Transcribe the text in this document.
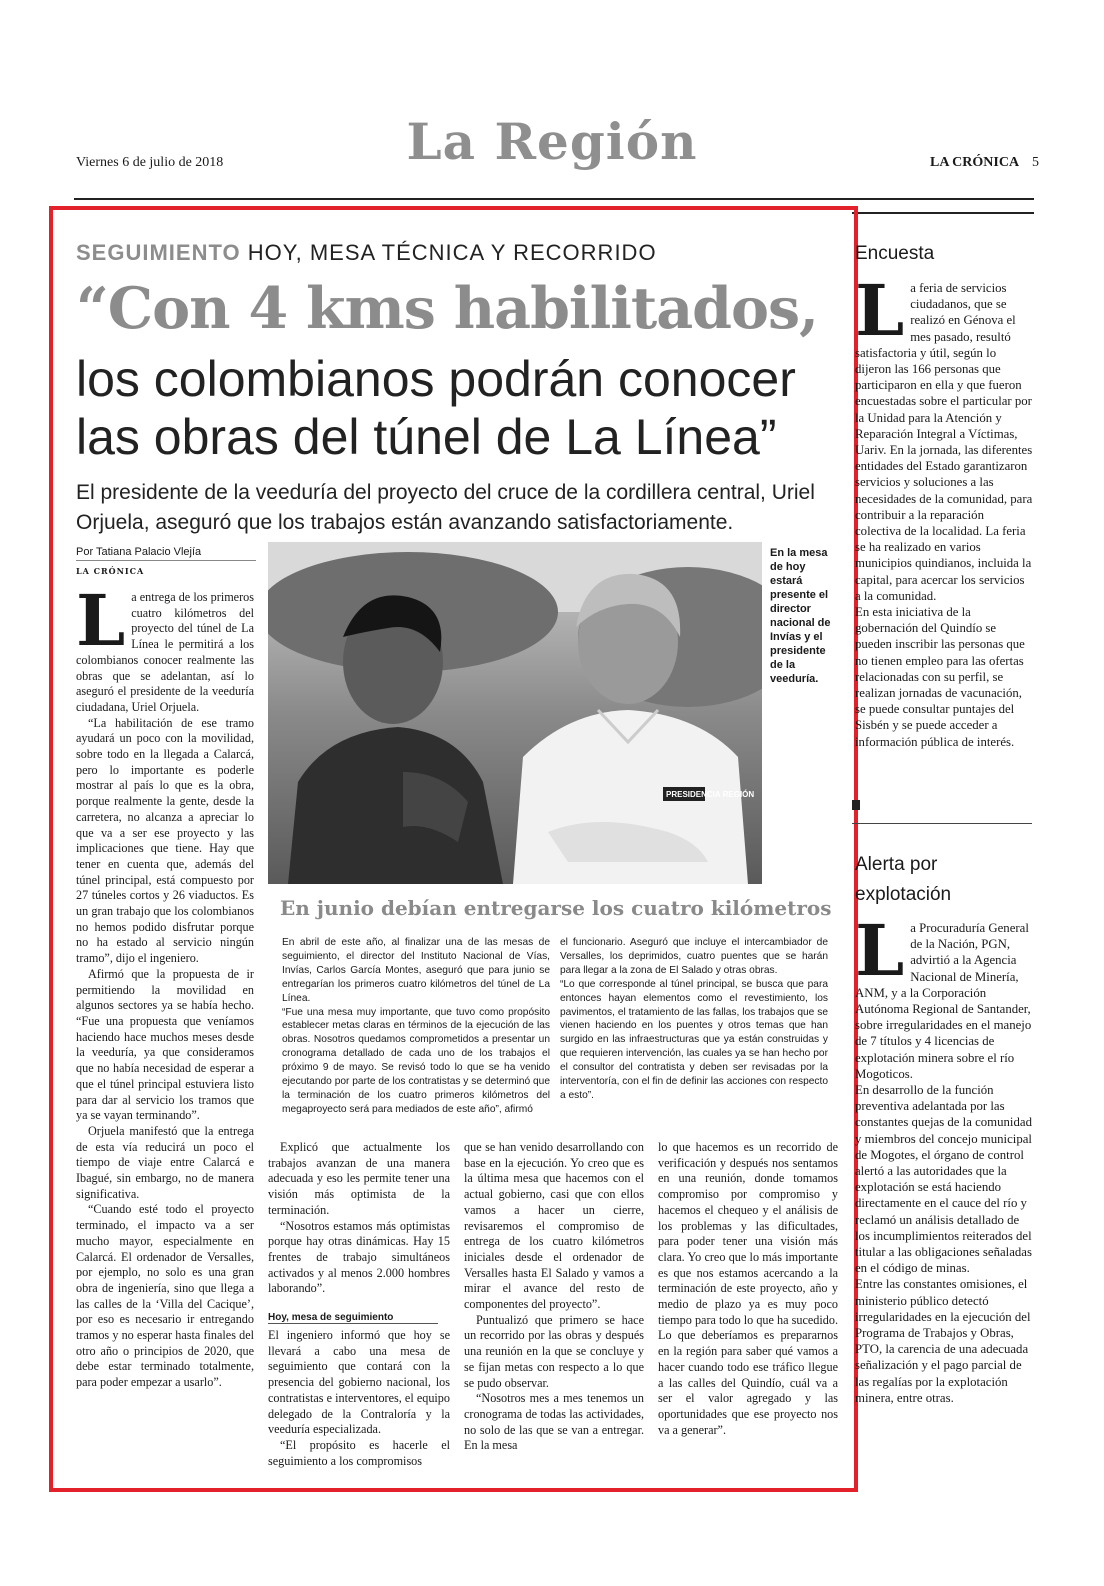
Viernes 6 de julio de 2018	La Región	LA CRÓNICA 5
SEGUIMIENTO HOY, MESA TÉCNICA Y RECORRIDO
“Con 4 kms habilitados,
los colombianos podrán conocer las obras del túnel de La Línea”
El presidente de la veeduría del proyecto del cruce de la cordillera central, Uriel Orjuela, aseguró que los trabajos están avanzando satisfactoriamente.
Por Tatiana Palacio Vlejía
LA CRÓNICA
L a entrega de los primeros cuatro kilómetros del proyecto del túnel de La Línea le permitirá a los colombianos conocer realmente las obras que se adelantan, así lo aseguró el presidente de la veeduría ciudadana, Uriel Orjuela.

“La habilitación de ese tramo ayudará un poco con la movilidad, sobre todo en la llegada a Calarcá, pero lo importante es poderle mostrar al país lo que es la obra, porque realmente la gente, desde la carretera, no alcanza a apreciar lo que va a ser ese proyecto y las implicaciones que tiene. Hay que tener en cuenta que, además del túnel principal, está compuesto por 27 túneles cortos y 26 viaductos. Es un gran trabajo que los colombianos no hemos podido disfrutar porque no ha estado al servicio ningún tramo”, dijo el ingeniero.

Afirmó que la propuesta de ir permitiendo la movilidad en algunos sectores ya se había hecho. “Fue una propuesta que veníamos haciendo hace muchos meses desde la veeduría, ya que consideramos que no había necesidad de esperar a que el túnel principal estuviera listo para dar al servicio los tramos que ya se vayan terminando”.

Orjuela manifestó que la entrega de esta vía reducirá un poco el tiempo de viaje entre Calarcá e Ibagué, sin embargo, no de manera significativa.

“Cuando esté todo el proyecto terminado, el impacto va a ser mucho mayor, especialmente en Calarcá. El ordenador de Versalles, por ejemplo, no solo es una gran obra de ingeniería, sino que llega a las calles de la ‘Villa del Cacique’, por eso es necesario ir entregando tramos y no esperar hasta finales del otro año o principios de 2020, que debe estar terminado totalmente, para poder empezar a usarlo”.

PRESIDENCIA REGIÓN
En la mesa de hoy estará presente el director nacional de Invías y el presidente de la veeduría.
En junio debían entregarse los cuatro kilómetros

En abril de este año, al finalizar una de las mesas de seguimiento, el director del Instituto Nacional de Vías, Invías, Carlos García Montes, aseguró que para junio se entregarían los primeros cuatro kilómetros del túnel de La Línea.

“Fue una mesa muy importante, que tuvo como propósito establecer metas claras en términos de la ejecución de las obras. Nosotros quedamos comprometidos a presentar un cronograma detallado de cada uno de los trabajos el próximo 9 de mayo. Se revisó todo lo que se ha venido ejecutando por parte de los contratistas y se determinó que la terminación de los cuatro primeros kilómetros del megaproyecto será para mediados de este año”, afirmó

el funcionario. Aseguró que incluye el intercambiador de Versalles, los deprimidos, cuatro puentes que se harán para llegar a la zona de El Salado y otras obras.

“Lo que corresponde al túnel principal, se busca que para entonces hayan elementos como el revestimiento, los pavimentos, el tratamiento de las fallas, los trabajos que se vienen haciendo en los puentes y otros temas que han surgido en las infraestructuras que ya están construidas y que requieren intervención, las cuales ya se han hecho por el consultor del contratista y deben ser revisadas por la interventoría, con el fin de definir las acciones con respecto a esto”.

Explicó que actualmente los trabajos avanzan de una manera adecuada y eso les permite tener una visión más optimista de la terminación.

“Nosotros estamos más optimistas porque hay otras dinámicas. Hay 15 frentes de trabajo simultáneos activados y al menos 2.000 hombres laborando”.

Hoy, mesa de seguimiento

El ingeniero informó que hoy se llevará a cabo una mesa de seguimiento que contará con la presencia del gobierno nacional, los contratistas e interventores, el equipo delegado de la Contraloría y la veeduría especializada.

“El propósito es hacerle el seguimiento a los compromisos

que se han venido desarrollando con base en la ejecución. Yo creo que es la última mesa que hacemos con el actual gobierno, casi que con ellos vamos a hacer un cierre, revisaremos el compromiso de entrega de los cuatro kilómetros iniciales desde el ordenador de Versalles hasta El Salado y vamos a mirar el avance del resto de componentes del proyecto”.

Puntualizó que primero se hace un recorrido por las obras y después una reunión en la que se concluye y se fijan metas con respecto a lo que se pudo observar.

“Nosotros mes a mes tenemos un cronograma de todas las actividades, no solo de las que se van a entregar. En la mesa

lo que hacemos es un recorrido de verificación y después nos sentamos en una reunión, donde tomamos compromiso por compromiso y hacemos el chequeo y el análisis de los problemas y las dificultades, para poder tener una visión más clara. Yo creo que lo más importante es que nos estamos acercando a la terminación de este proyecto, año y medio de plazo ya es muy poco tiempo para todo lo que ha sucedido. Lo que deberíamos es prepararnos en la región para saber qué vamos a hacer cuando todo ese tráfico llegue a las calles del Quindío, cuál va a ser el valor agregado y las oportunidades que ese proyecto nos va a generar”.

Encuesta
L a feria de servicios ciudadanos, que se realizó en Génova el mes pasado, resultó satisfactoria y útil, según lo dijeron las 166 personas que participaron en ella y que fueron encuestadas sobre el particular por la Unidad para la Atención y Reparación Integral a Víctimas, Uariv. En la jornada, las diferentes entidades del Estado garantizaron servicios y soluciones a las necesidades de la comunidad, para contribuir a la reparación colectiva de la localidad. La feria se ha realizado en varios municipios quindianos, incluida la capital, para acercar los servicios a la comunidad.

En esta iniciativa de la gobernación del Quindío se pueden inscribir las personas que no tienen empleo para las ofertas relacionadas con su perfil, se realizan jornadas de vacunación, se puede consultar puntajes del Sisbén y se puede acceder a información pública de interés.

Alerta por explotación
L a Procuraduría General de la Nación, PGN, advirtió a la Agencia Nacional de Minería, ANM, y a la Corporación Autónoma Regional de Santander, sobre irregularidades en el manejo de 7 títulos y 4 licencias de explotación minera sobre el río Mogoticos.

En desarrollo de la función preventiva adelantada por las constantes quejas de la comunidad y miembros del concejo municipal de Mogotes, el órgano de control alertó a las autoridades que la explotación se está haciendo directamente en el cauce del río y reclamó un análisis detallado de los incumplimientos reiterados del titular a las obligaciones señaladas en el código de minas.

Entre las constantes omisiones, el ministerio público detectó irregularidades en la ejecución del Programa de Trabajos y Obras, PTO, la carencia de una adecuada señalización y el pago parcial de las regalías por la explotación minera, entre otras.
